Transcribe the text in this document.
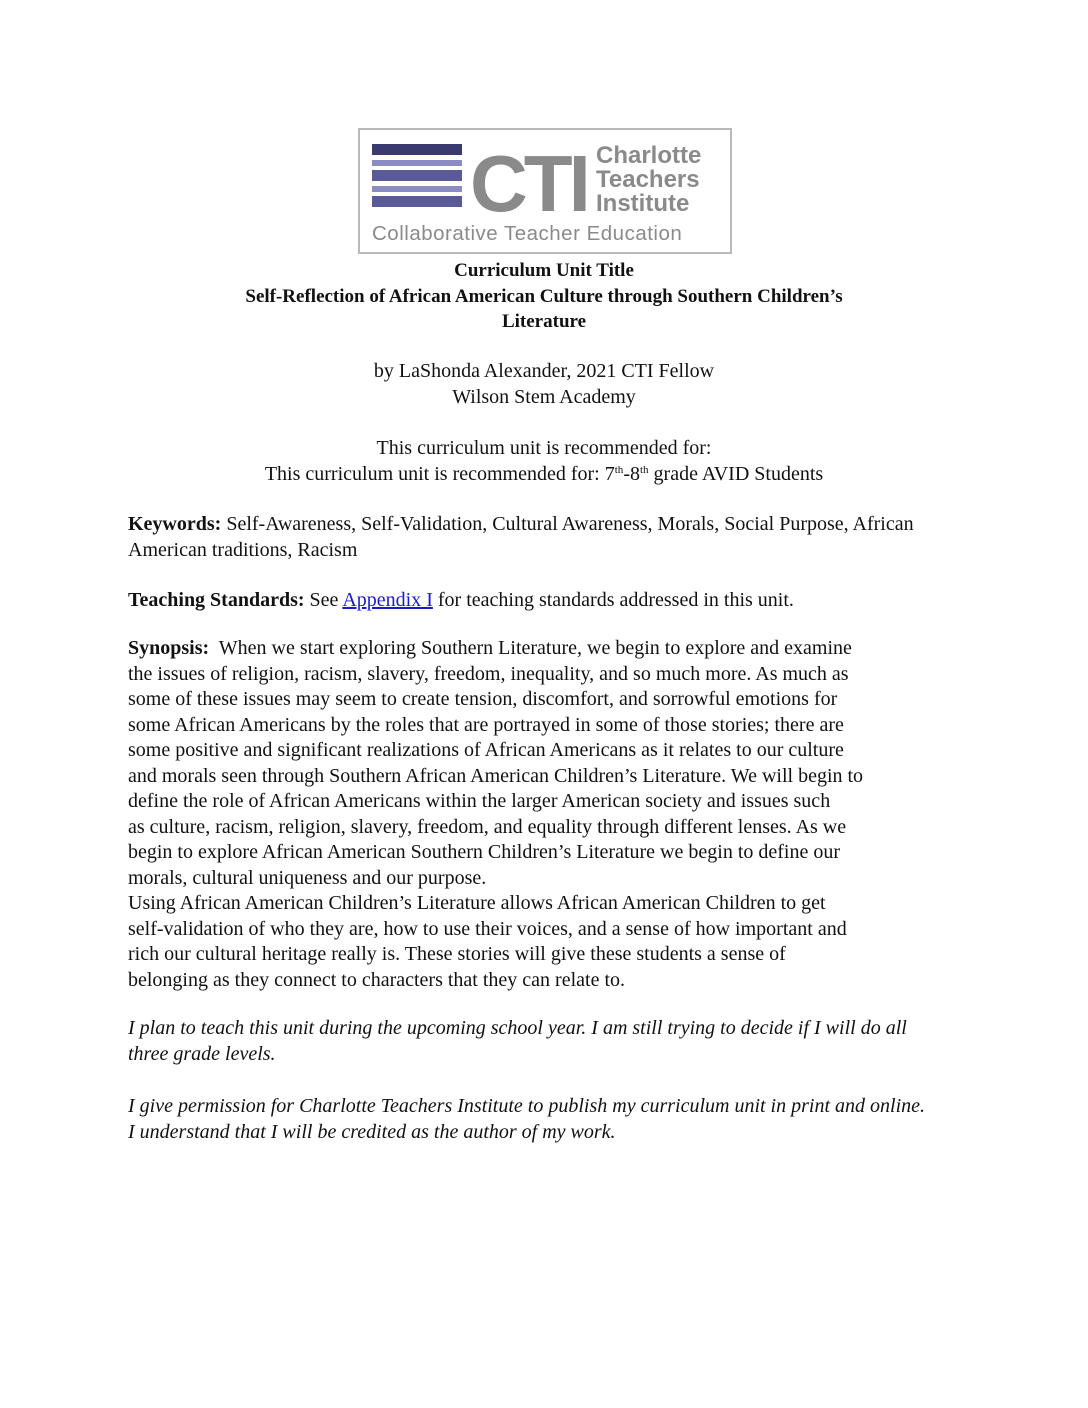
CTI Charlotte
Teachers
Institute
Collaborative Teacher Education
Curriculum Unit Title
Self-Reflection of African American Culture through Southern Children’s
Literature
by LaShonda Alexander, 2021 CTI Fellow
Wilson Stem Academy
This curriculum unit is recommended for:
This curriculum unit is recommended for: 7th-8th grade AVID Students
Keywords: Self-Awareness, Self-Validation, Cultural Awareness, Morals, Social Purpose, African American traditions, Racism
Teaching Standards: See Appendix I for teaching standards addressed in this unit.
Synopsis:  When we start exploring Southern Literature, we begin to explore and examine
the issues of religion, racism, slavery, freedom, inequality, and so much more. As much as
some of these issues may seem to create tension, discomfort, and sorrowful emotions for
some African Americans by the roles that are portrayed in some of those stories; there are
some positive and significant realizations of African Americans as it relates to our culture
and morals seen through Southern African American Children’s Literature. We will begin to
define the role of African Americans within the larger American society and issues such
as culture, racism, religion, slavery, freedom, and equality through different lenses. As we
begin to explore African American Southern Children’s Literature we begin to define our
morals, cultural uniqueness and our purpose.
Using African American Children’s Literature allows African American Children to get
self-validation of who they are, how to use their voices, and a sense of how important and
rich our cultural heritage really is. These stories will give these students a sense of
belonging as they connect to characters that they can relate to.
I plan to teach this unit during the upcoming school year. I am still trying to decide if I will do all three grade levels.
I give permission for Charlotte Teachers Institute to publish my curriculum unit in print and online. I understand that I will be credited as the author of my work.
